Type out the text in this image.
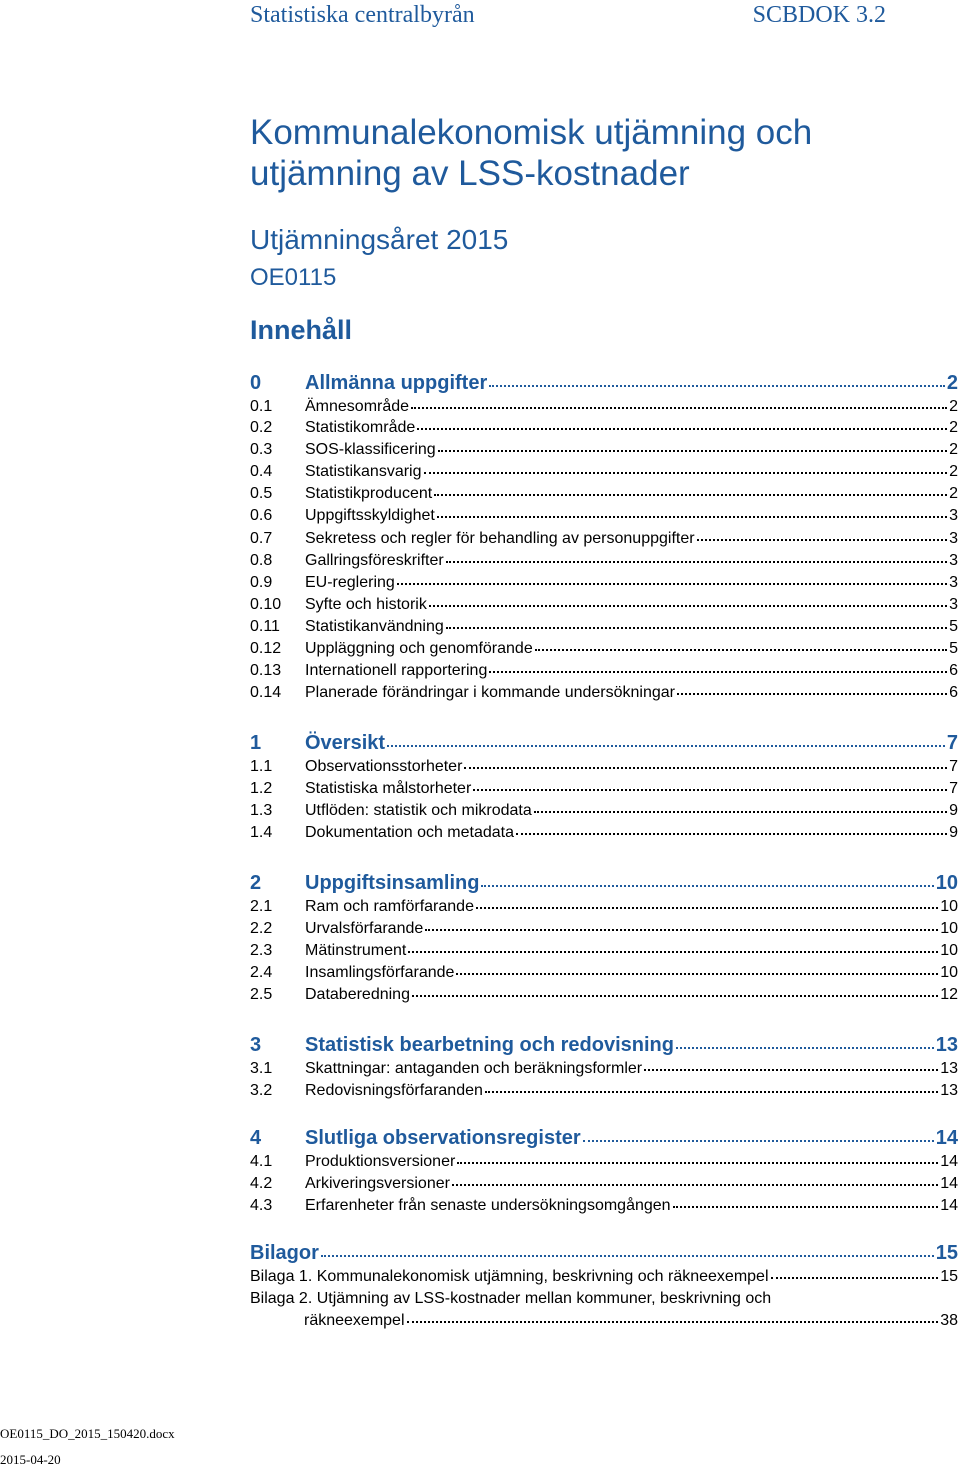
Statistiska centralbyrån	SCBDOK 3.2
Kommunalekonomisk utjämning och utjämning av LSS-kostnader
Utjämningsåret 2015
OE0115
Innehåll
0	Allmänna uppgifter	2
0.1	Ämnesområde	2
0.2	Statistikområde	2
0.3	SOS-klassificering	2
0.4	Statistikansvarig	2
0.5	Statistikproducent	2
0.6	Uppgiftsskyldighet	3
0.7	Sekretess och regler för behandling av personuppgifter	3
0.8	Gallringsföreskrifter	3
0.9	EU-reglering	3
0.10	Syfte och historik	3
0.11	Statistikanvändning	5
0.12	Uppläggning och genomförande	5
0.13	Internationell rapportering	6
0.14	Planerade förändringar i kommande undersökningar	6
1	Översikt	7
1.1	Observationsstorheter	7
1.2	Statistiska målstorheter	7
1.3	Utflöden: statistik och mikrodata	9
1.4	Dokumentation och metadata	9
2	Uppgiftsinsamling	10
2.1	Ram och ramförfarande	10
2.2	Urvalsförfarande	10
2.3	Mätinstrument	10
2.4	Insamlingsförfarande	10
2.5	Databeredning	12
3	Statistisk bearbetning och redovisning	13
3.1	Skattningar: antaganden och beräkningsformler	13
3.2	Redovisningsförfaranden	13
4	Slutliga observationsregister	14
4.1	Produktionsversioner	14
4.2	Arkiveringsversioner	14
4.3	Erfarenheter från senaste undersökningsomgången	14
Bilagor	15
Bilaga 1. Kommunalekonomisk utjämning, beskrivning och räkneexempel	15
Bilaga 2. Utjämning av LSS-kostnader mellan kommuner, beskrivning och
räkneexempel	38
OE0115_DO_2015_150420.docx
2015-04-20
